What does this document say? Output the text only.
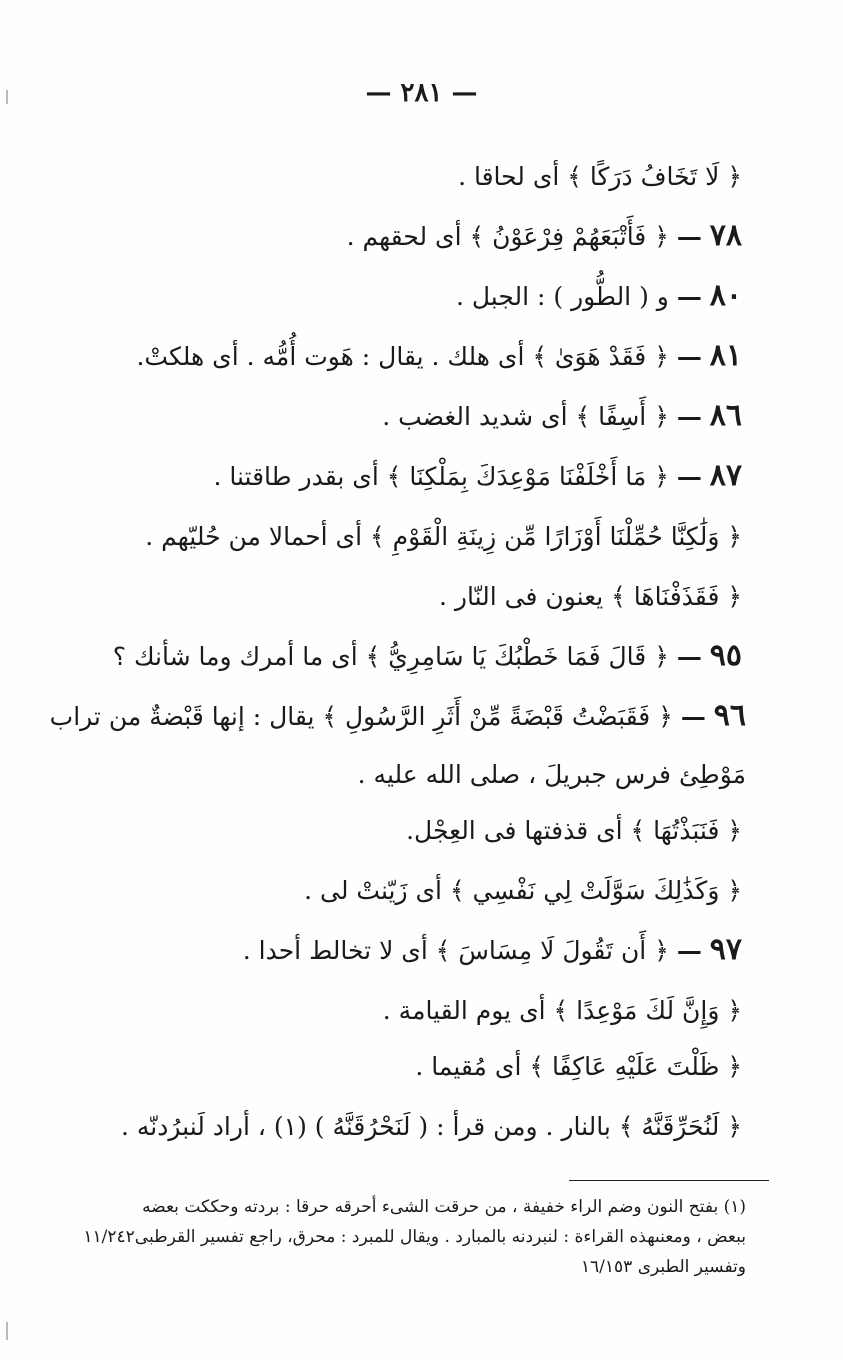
— ٢٨١ —
﴿ لَا تَخَافُ دَرَكًا ﴾ أى لحاقا .
٧٨ — ﴿ فَأَتْبَعَهُمْ فِرْعَوْنُ ﴾ أى لحقهم .
٨٠ — و ( الطُّور ) : الجبل .
٨١ — ﴿ فَقَدْ هَوَىٰ ﴾ أى هلك . يقال : هَوت أُمُّه . أى هلكتْ.
٨٦ — ﴿ أَسِفًا ﴾ أى شديد الغضب .
٨٧ — ﴿ مَا أَخْلَفْنَا مَوْعِدَكَ بِمَلْكِنَا ﴾ أى بقدر طاقتنا .
﴿ وَلَٰكِنَّا حُمِّلْنَا أَوْزَارًا مِّن زِينَةِ الْقَوْمِ ﴾ أى أحمالا من حُليّهم .
﴿ فَقَذَفْنَاهَا ﴾ يعنون فى النّار .
٩٥ — ﴿ قَالَ فَمَا خَطْبُكَ يَا سَامِرِيُّ ﴾ أى ما أمرك وما شأنك ؟
٩٦ — ﴿ فَقَبَضْتُ قَبْضَةً مِّنْ أَثَرِ الرَّسُولِ ﴾ يقال : إنها قَبْضةٌ من تراب
مَوْطِئ فرس جبريلَ ، صلى الله عليه .
﴿ فَنَبَذْتُهَا ﴾ أى قذفتها فى العِجْل.
﴿ وَكَذَٰلِكَ سَوَّلَتْ لِي نَفْسِي ﴾ أى زَيّنتْ لى .
٩٧ — ﴿ أَن تَقُولَ لَا مِسَاسَ ﴾ أى لا تخالط أحدا .
﴿ وَإِنَّ لَكَ مَوْعِدًا ﴾ أى يوم القيامة .
﴿ ظَلْتَ عَلَيْهِ عَاكِفًا ﴾ أى مُقيما .
﴿ لَنُحَرِّقَنَّهُ ﴾ بالنار . ومن قرأ : ( لَنَحْرُقَنَّهُ ) (١) ، أراد لَنبرُدنّه .
(١) بفتح النون وضم الراء خفيفة ، من حرقت الشىء أحرقه حرقا : بردته وحككت بعضه
ببعض ، ومعنىهذه القراءة : لنبردنه بالمبارد . ويقال للمبرد : محرق، راجع تفسير القرطبى١١/٢٤٢
وتفسير الطبرى ١٦/١٥٣
